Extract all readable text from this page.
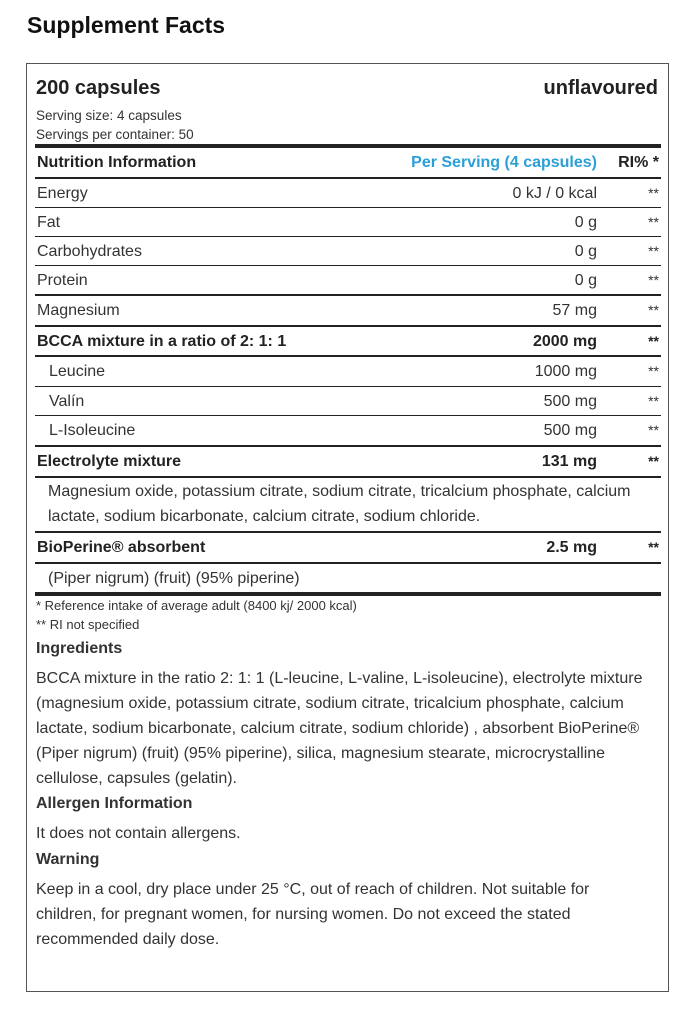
Supplement Facts
200 capsules	unflavoured
Serving size: 4 capsules
Servings per container: 50
Nutrition Information	Per Serving (4 capsules) RI% *
Energy	0 kJ / 0 kcal	**
Fat	0 g	**
Carbohydrates	0 g	**
Protein	0 g	**
Magnesium	57 mg	**
BCCA mixture in a ratio of 2: 1: 1	2000 mg	**
Leucine	1000 mg	**
Valín	500 mg	**
L-Isoleucine	500 mg	**
Electrolyte mixture	131 mg	**
Magnesium oxide, potassium citrate, sodium citrate, tricalcium phosphate, calcium lactate, sodium bicarbonate, calcium citrate, sodium chloride.
BioPerine® absorbent	2.5 mg	**
(Piper nigrum) (fruit) (95% piperine)
* Reference intake of average adult (8400 kj/ 2000 kcal)
** RI not specified
Ingredients
BCCA mixture in the ratio 2: 1: 1 (L-leucine, L-valine, L-isoleucine), electrolyte mixture (magnesium oxide, potassium citrate, sodium citrate, tricalcium phosphate, calcium lactate, sodium bicarbonate, calcium citrate, sodium chloride) , absorbent BioPerine® (Piper nigrum) (fruit) (95% piperine), silica, magnesium stearate, microcrystalline cellulose, capsules (gelatin).
Allergen Information
It does not contain allergens.
Warning
Keep in a cool, dry place under 25 °C, out of reach of children. Not suitable for children, for pregnant women, for nursing women. Do not exceed the stated recommended daily dose.
